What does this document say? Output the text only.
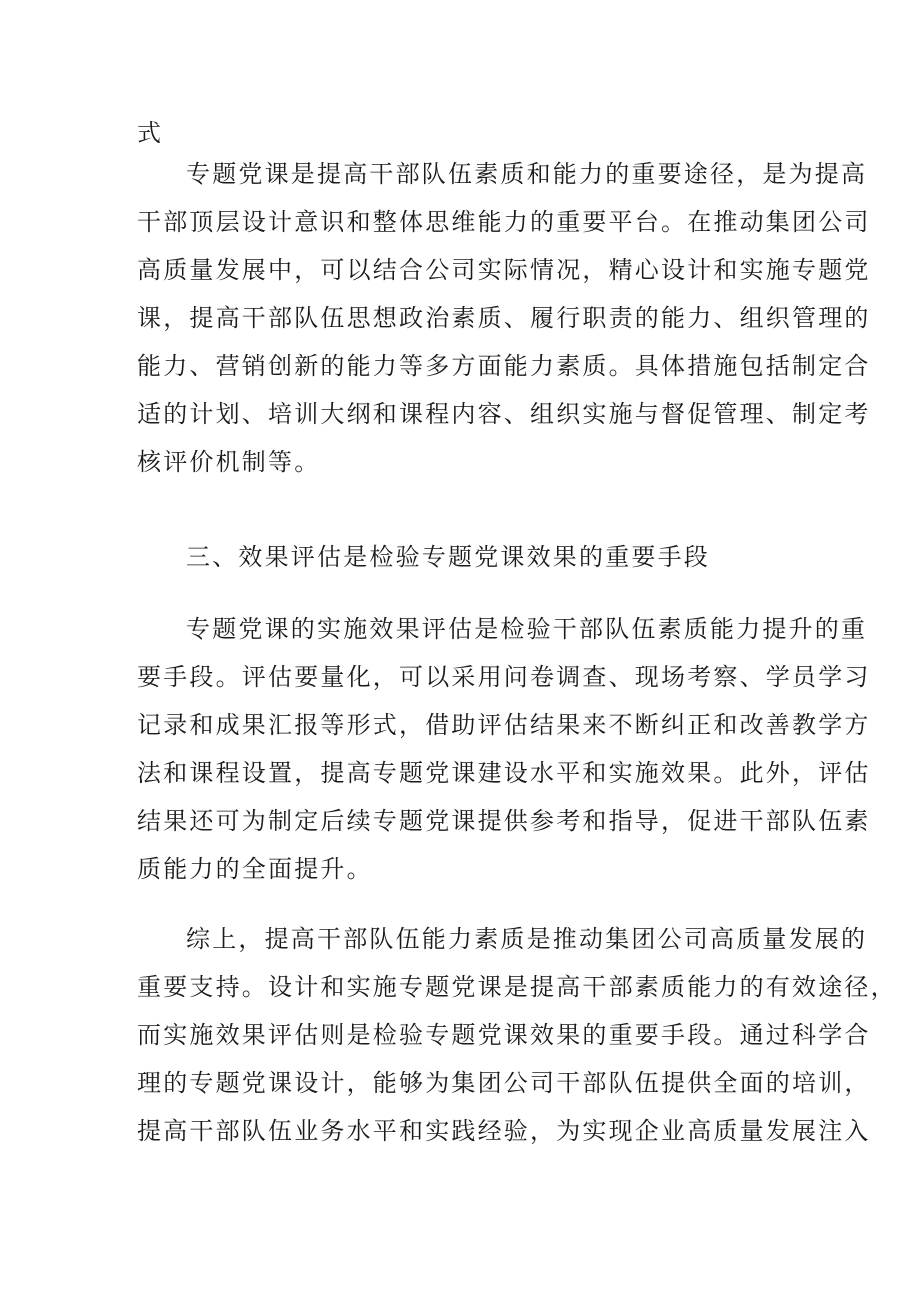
式

专题党课是提高干部队伍素质和能力的重要途径，是为提高

干部顶层设计意识和整体思维能力的重要平台。在推动集团公司

高质量发展中，可以结合公司实际情况，精心设计和实施专题党

课，提高干部队伍思想政治素质、履行职责的能力、组织管理的

能力、营销创新的能力等多方面能力素质。具体措施包括制定合

适的计划、培训大纲和课程内容、组织实施与督促管理、制定考

核评价机制等。

三、效果评估是检验专题党课效果的重要手段

专题党课的实施效果评估是检验干部队伍素质能力提升的重

要手段。评估要量化，可以采用问卷调查、现场考察、学员学习

记录和成果汇报等形式，借助评估结果来不断纠正和改善教学方

法和课程设置，提高专题党课建设水平和实施效果。此外，评估

结果还可为制定后续专题党课提供参考和指导，促进干部队伍素

质能力的全面提升。

综上，提高干部队伍能力素质是推动集团公司高质量发展的

重要支持。设计和实施专题党课是提高干部素质能力的有效途径，

而实施效果评估则是检验专题党课效果的重要手段。通过科学合

理的专题党课设计，能够为集团公司干部队伍提供全面的培训，

提高干部队伍业务水平和实践经验，为实现企业高质量发展注入
